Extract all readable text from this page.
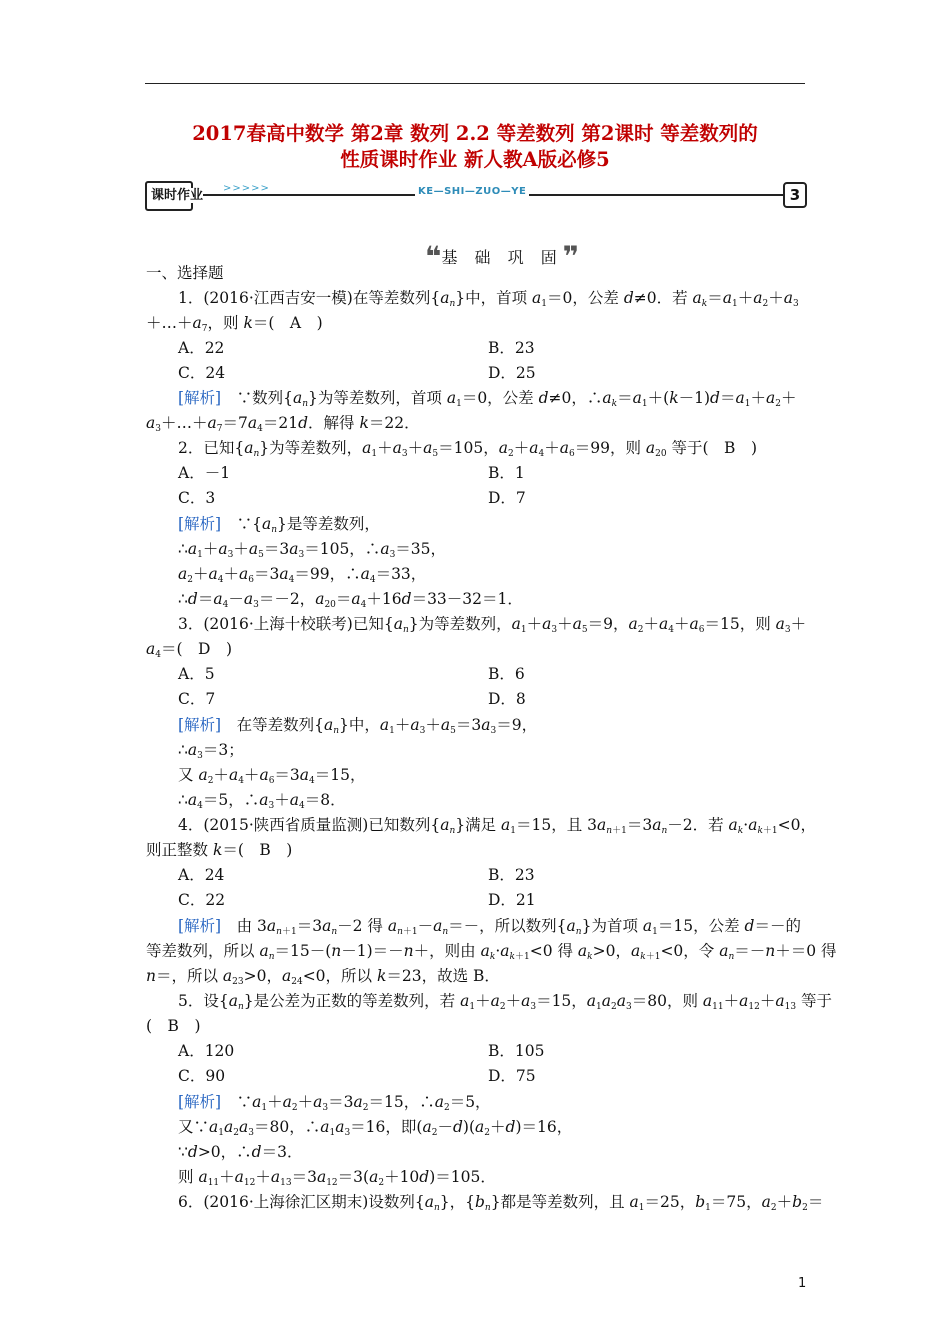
2017春高中数学 第2章 数列 2.2 等差数列 第2课时 等差数列的
性质课时作业 新人教A版必修5
课时作业 >>>>>	KE—SHI—ZUO—YE	3
❝基 础 巩 固❞
一、选择题
1．(2016·江西吉安一模)在等差数列$\{a_n\}$中，首项 $a_1=0$，公差 d≠0．若 $a_k=a_1+a_2+a_3$
$+\dots+a_7$，则 k＝(　A　)
A．22	B．23
C．24	D．25
[解析]　∵数列$\{a_n\}$为等差数列，首项 $a_1=0$，公差 d≠0，$\therefore a_k=a_1+(k-1)d=a_1+a_2+$
$a_3+\dots+a_7=7a_4=21d$．解得 k＝22．
2．已知$\{a_n\}$为等差数列，$a_1+a_3+a_5=105$，$a_2+a_4+a_6=99$，则 $a_{20}$ 等于(　B　)
A．－1	B．1
C．3	D．7
[解析]　$\because\{a_n\}$是等差数列，
$\therefore a_1+a_3+a_5=3a_3=105$，$\therefore a_3=35$，
$a_2+a_4+a_6=3a_4=99$，$\therefore a_4=33$，
$\therefore d=a_4-a_3=-2$，$a_{20}=a_4+16d=33-32=1$．
3．(2016·上海十校联考)已知$\{a_n\}$为等差数列，$a_1+a_3+a_5=9$，$a_2+a_4+a_6=15$，则 $a_3+$
$a_4=$(　D　)
A．5	B．6
C．7	D．8
[解析]　在等差数列$\{a_n\}$中，$a_1+a_3+a_5=3a_3=9$，
$\therefore a_3=3$；
又 $a_2+a_4+a_6=3a_4=15$，
$\therefore a_4=5$，$\therefore a_3+a_4=8$．
4．(2015·陕西省质量监测)已知数列$\{a_n\}$满足 $a_1=15$，且 $3a_{n+1}=3a_n-2$．若 $a_k\cdot a_{k+1}<0$，
则正整数 k＝(　B　)
A．24	B．23
C．22	D．21
[解析]　由 $3a_{n+1}=3a_n-2$ 得 $a_{n+1}-a_n=-$，所以数列$\{a_n\}$为首项 $a_1=15$，公差 d＝－的
等差数列，所以 $a_n=15-(n-1)=-n+$，则由 $a_k\cdot a_{k+1}<0$ 得 $a_k>0$，$a_{k+1}<0$，令 $a_n=-n+=0$ 得
n＝，所以 $a_{23}>0$，$a_{24}<0$，所以 k＝23，故选 B．
5．设$\{a_n\}$是公差为正数的等差数列，若 $a_1+a_2+a_3=15$，$a_1a_2a_3=80$，则 $a_{11}+a_{12}+a_{13}$ 等于
(　B　)
A．120	B．105
C．90	D．75
[解析]　$\because a_1+a_2+a_3=3a_2=15$，$\therefore a_2=5$，
又$\because a_1a_2a_3=80$，$\therefore a_1a_3=16$，即$(a_2-d)(a_2+d)=16$，
∵d>0，∴d＝3．
则 $a_{11}+a_{12}+a_{13}=3a_{12}=3(a_2+10d)=105$．
6．(2016·上海徐汇区期末)设数列$\{a_n\}$，$\{b_n\}$都是等差数列，且 $a_1=25$，$b_1=75$，$a_2+b_2=$
1
